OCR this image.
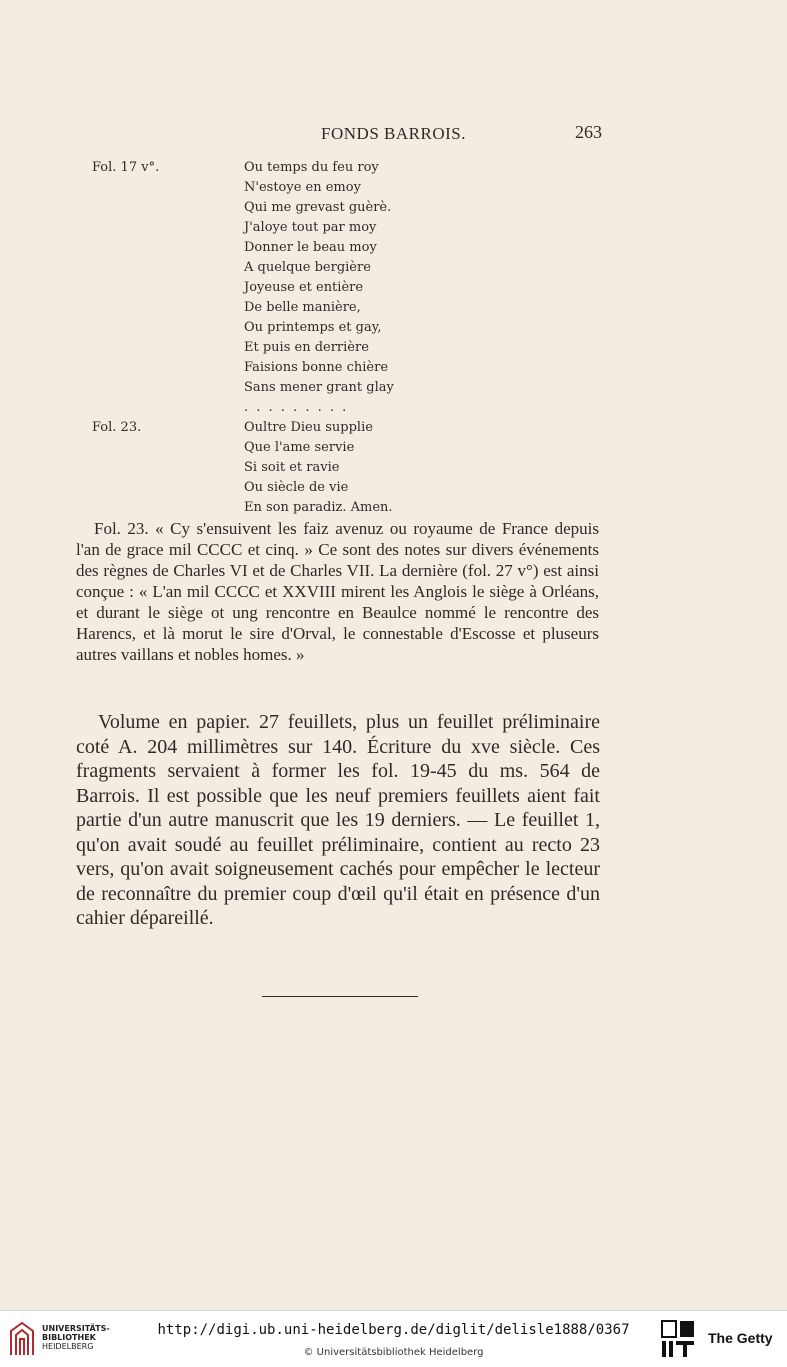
FONDS BARROIS.	263
Fol. 17 v°.	Ou temps du feu roy
N'estoye en emoy
Qui me grevast guèrè.
J'aloye tout par moy
Donner le beau moy
A quelque bergière
Joyeuse et entière
De belle manière,
Ou printemps et gay,
Et puis en derrière
Faisions bonne chière
Sans mener grant glay
. . . . . . . . .
Fol. 23.	Oultre Dieu supplie
Que l'ame servie
Si soit et ravie
Ou siècle de vie
En son paradiz. Amen.
Fol. 23. « Cy s'ensuivent les faiz avenuz ou royaume de France depuis l'an de grace mil CCCC et cinq. » Ce sont des notes sur divers événements des règnes de Charles VI et de Charles VII. La dernière (fol. 27 v°) est ainsi conçue : « L'an mil CCCC et XXVIII mirent les Anglois le siège à Orléans, et durant le siège ot ung rencontre en Beaulce nommé le rencontre des Harencs, et là morut le sire d'Orval, le connestable d'Escosse et pluseurs autres vaillans et nobles homes. »
Volume en papier. 27 feuillets, plus un feuillet préliminaire coté A. 204 millimètres sur 140. Écriture du xve siècle. Ces fragments servaient à former les fol. 19-45 du ms. 564 de Barrois. Il est possible que les neuf premiers feuillets aient fait partie d'un autre manuscrit que les 19 derniers. — Le feuillet 1, qu'on avait soudé au feuillet préliminaire, contient au recto 23 vers, qu'on avait soigneusement cachés pour empêcher le lecteur de reconnaître du premier coup d'œil qu'il était en présence d'un cahier dépareillé.
UNIVERSITÄTS-
BIBLIOTHEK
HEIDELBERG
http://digi.ub.uni-heidelberg.de/diglit/delisle1888/0367
© Universitätsbibliothek Heidelberg
The Getty
